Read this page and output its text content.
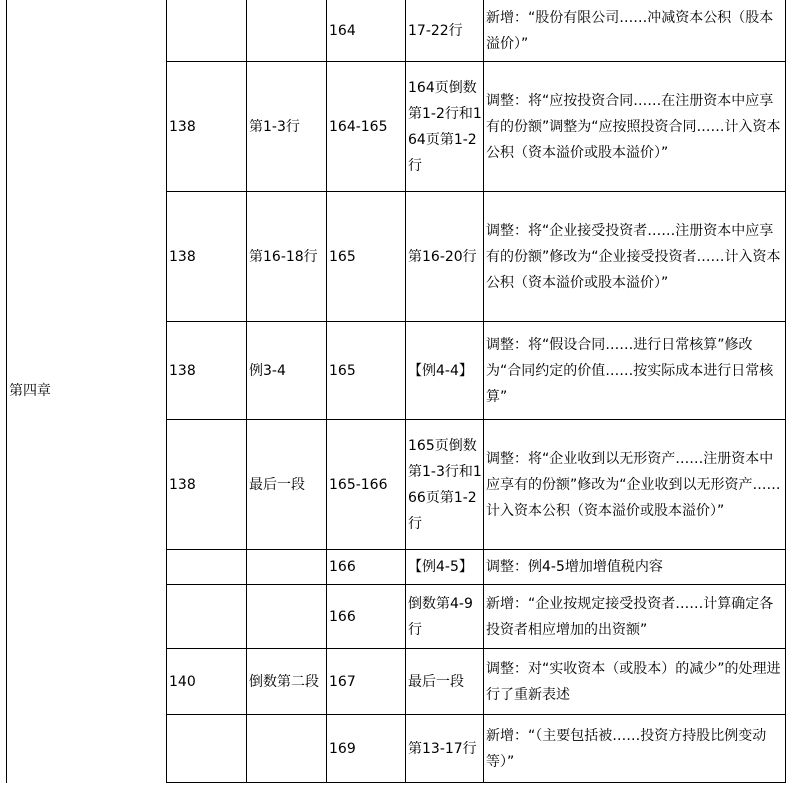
第四章			164	17-22行	新增：“股份有限公司……冲减资本公积（股本溢价）”
	138	第1-3行	164-165	164页倒数第1-2行和164页第1-2行	调整：将“应按投资合同……在注册资本中应享有的份额”调整为“应按照投资合同……计入资本公积（资本溢价或股本溢价）”
	138	第16-18行	165	第16-20行	调整：将“企业接受投资者……注册资本中应享有的份额”修改为“企业接受投资者……计入资本公积（资本溢价或股本溢价）”
	138	例3-4	165	【例4-4】	调整：将“假设合同……进行日常核算”修改为“合同约定的价值……按实际成本进行日常核算”
	138	最后一段	165-166	165页倒数第1-3行和166页第1-2行	调整：将“企业收到以无形资产……注册资本中应享有的份额”修改为“企业收到以无形资产……计入资本公积（资本溢价或股本溢价）”
			166	【例4-5】	调整：例4-5增加增值税内容
			166	倒数第4-9行	新增：“企业按规定接受投资者……计算确定各投资者相应增加的出资额”
	140	倒数第二段	167	最后一段	调整：对“实收资本（或股本）的减少”的处理进行了重新表述
			169	第13-17行	新增：“（主要包括被……投资方持股比例变动等）”
